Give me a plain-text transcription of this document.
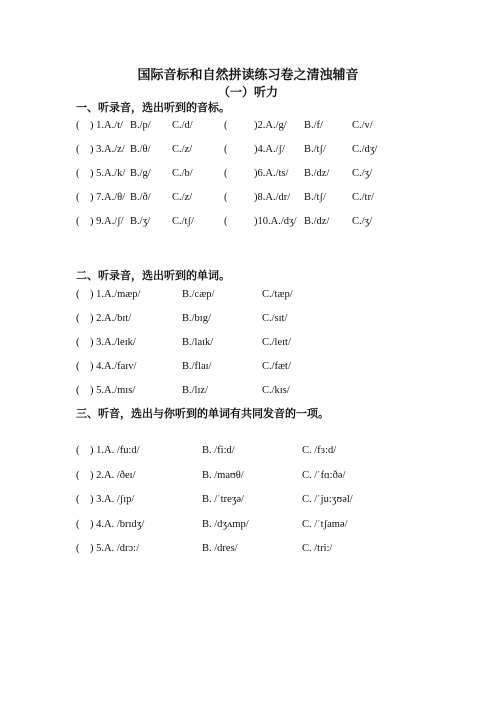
国际音标和自然拼读练习卷之清浊辅音
（一）听力
一、听录音，选出听到的音标。
( ) 1.A./t/ B./p/ C./d/	(	)2.A./g/ B./f/	C./v/
( ) 3.A./z/ B./θ/ C./z/	(	)4.A./ʃ/ B./tʃ/ C./dʒ/
( ) 5.A./k/ B./g/ C./b/	(	)6.A./ts/ B./dz/ C./ʒ/
( ) 7.A./θ/ B./ð/ C./z/	(	)8.A./dr/ B./tʃ/ C./tr/
( ) 9.A./ʃ/ B./ʒ/ C./tʃ/	(	)10.A./dʒ/ B./dz/ C./ʒ/
二、听录音，选出听到的单词。
( ) 1.A./mæp/	B./cæp/	C./tæp/
( ) 2.A./bɪt/	B./bɪg/	C./sɪt/
( ) 3.A./leɪk/	B./laɪk/	C./leɪt/
( ) 4.A./faɪv/	B./flaɪ/	C./fæt/
( ) 5.A./mɪs/	B./lɪz/	C./kɪs/
三、听音，选出与你听到的单词有共同发音的一项。
( ) 1.A. /fu:d/	B. /fi:d/	C. /fɜ:d/
( ) 2.A. /ðeɪ/	B. /maʊθ/	C. /ˈfɑ:ðə/
( ) 3.A. /ʃɪp/	B. /ˈtreʒə/	C. /ˈju:ʒʊəl/
( ) 4.A. /brɪdʒ/	B. /dʒʌmp/	C. /ˈtʃamə/
( ) 5.A. /drɔ:/	B. /dres/	C. /tri:/
